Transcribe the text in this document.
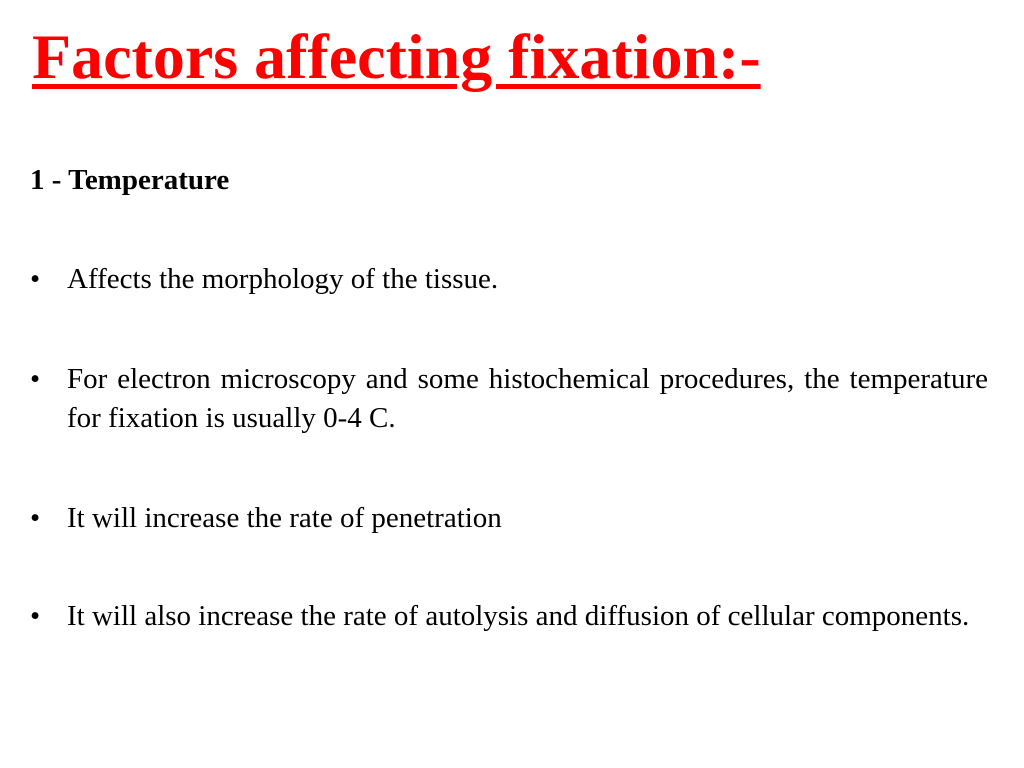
Factors affecting fixation:-
1 - Temperature
• Affects the morphology of the tissue.
• For electron microscopy and some histochemical procedures, the temperature for fixation is usually 0-4 C.
• It will increase the rate of penetration
• It will also increase the rate of autolysis and diffusion of cellular components.
